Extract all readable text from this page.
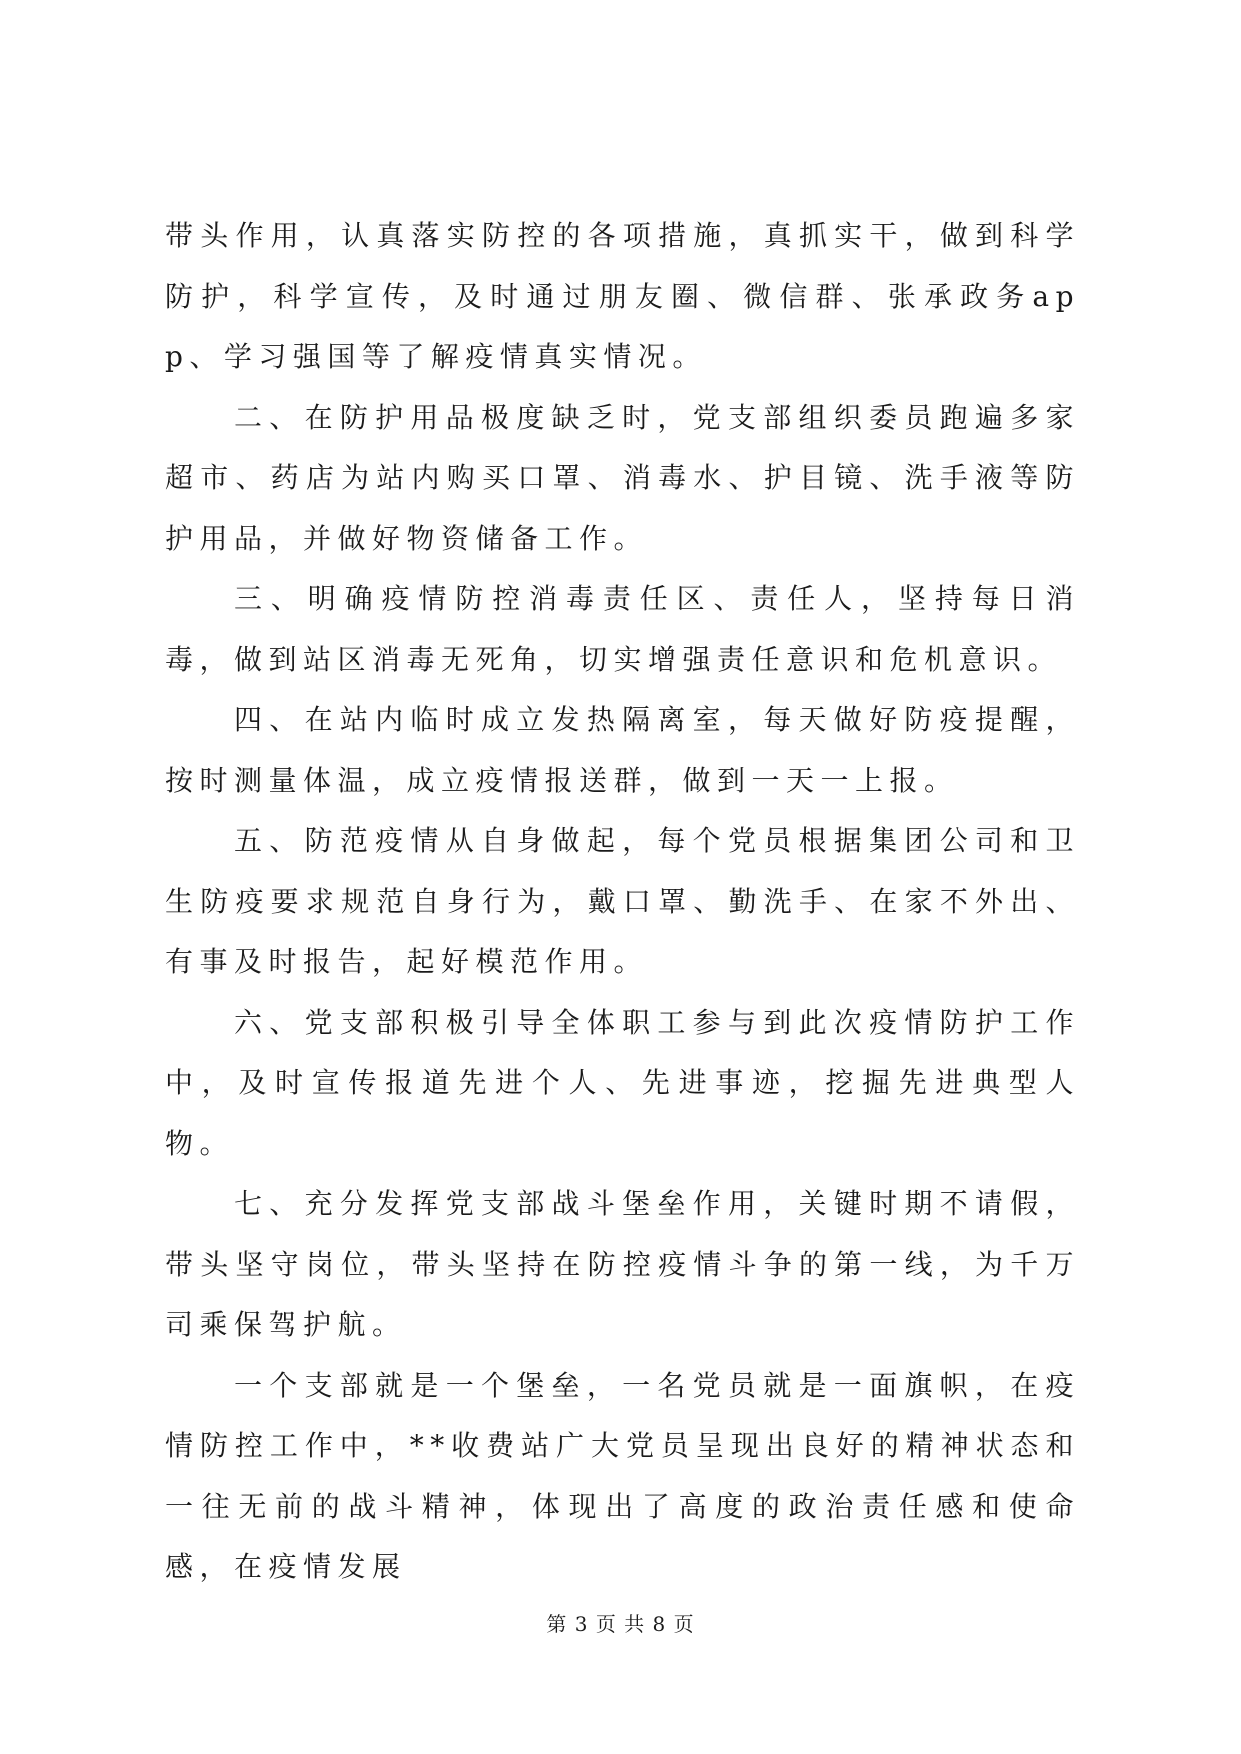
带头作用，认真落实防控的各项措施，真抓实干，做到科学防护，科学宣传，及时通过朋友圈、微信群、张承政务app、学习强国等了解疫情真实情况。

二、在防护用品极度缺乏时，党支部组织委员跑遍多家超市、药店为站内购买口罩、消毒水、护目镜、洗手液等防护用品，并做好物资储备工作。

三、明确疫情防控消毒责任区、责任人，坚持每日消毒，做到站区消毒无死角，切实增强责任意识和危机意识。

四、在站内临时成立发热隔离室，每天做好防疫提醒，按时测量体温，成立疫情报送群，做到一天一上报。

五、防范疫情从自身做起，每个党员根据集团公司和卫生防疫要求规范自身行为，戴口罩、勤洗手、在家不外出、有事及时报告，起好模范作用。

六、党支部积极引导全体职工参与到此次疫情防护工作中，及时宣传报道先进个人、先进事迹，挖掘先进典型人物。

七、充分发挥党支部战斗堡垒作用，关键时期不请假，带头坚守岗位，带头坚持在防控疫情斗争的第一线，为千万司乘保驾护航。

一个支部就是一个堡垒，一名党员就是一面旗帜，在疫情防控工作中，**收费站广大党员呈现出良好的精神状态和一往无前的战斗精神，体现出了高度的政治责任感和使命感，在疫情发展

第 3 页 共 8 页
